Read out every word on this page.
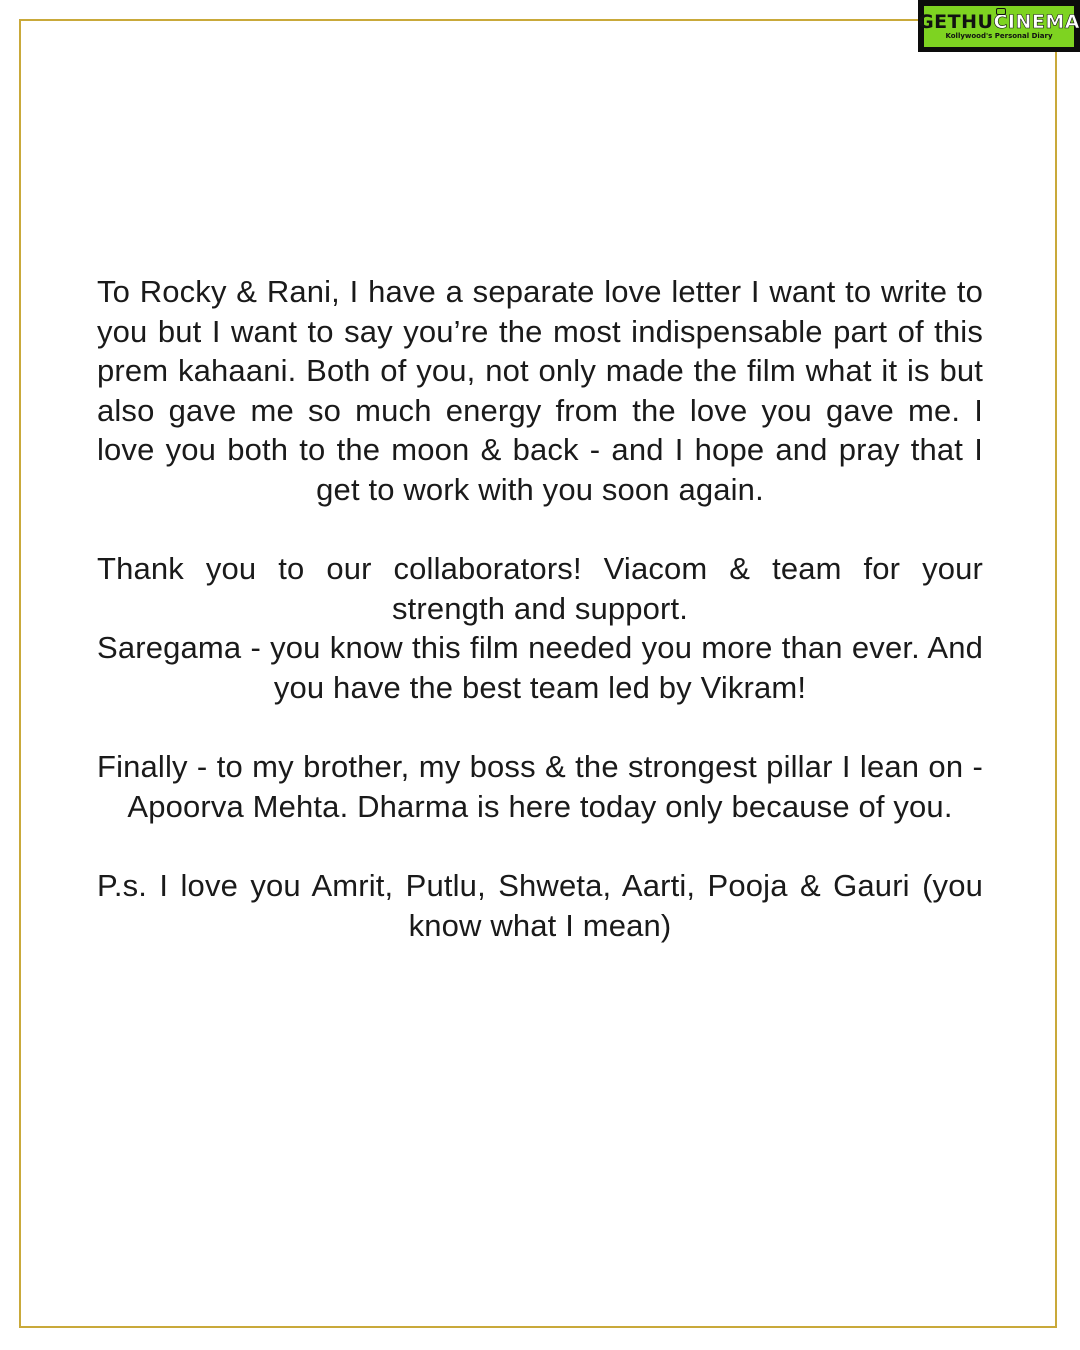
GETHUCINEMA
Kollywood's Personal Diary

To Rocky & Rani, I have a separate love letter I want to write to you but I want to say you’re the most indispensable part of this prem kahaani. Both of you, not only made the film what it is but also gave me so much energy from the love you gave me. I love you both to the moon & back - and I hope and pray that I get to work with you soon again.

Thank you to our collaborators! Viacom & team for your strength and support.

Saregama - you know this film needed you more than ever. And you have the best team led by Vikram!

Finally - to my brother, my boss & the strongest pillar I lean on - Apoorva Mehta. Dharma is here today only because of you.

P.s. I love you Amrit, Putlu, Shweta, Aarti, Pooja & Gauri (you know what I mean)
